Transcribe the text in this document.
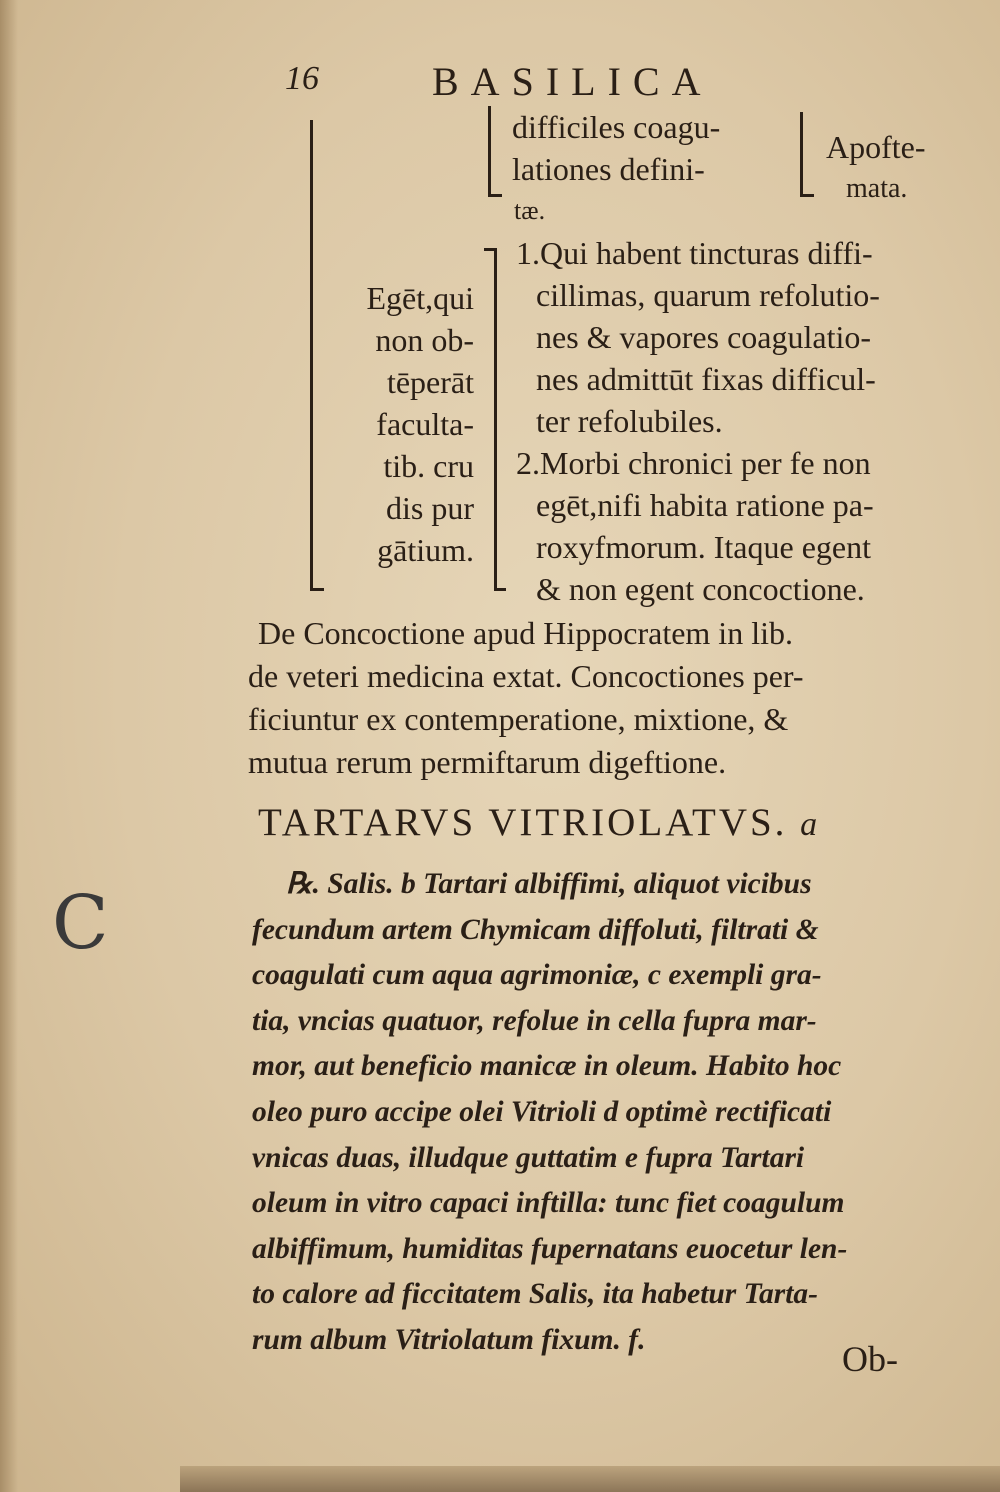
16	BASILICA
difficiles coagu-
lationes defini-
tæ.
Apofte-
mata.
Egēt,qui
non ob-
tēperāt
faculta-
tib. cru
dis pur
gātium.
1.Qui habent tincturas diffi-
cillimas, quarum refolutio-
nes & vapores coagulatio-
nes admittūt fixas difficul-
ter refolubiles.
2.Morbi chronici per fe non
egēt,nifi habita ratione pa-
roxyfmorum. Itaque egent
& non egent concoctione.
De Concoctione apud Hippocratem in lib.
de veteri medicina extat. Concoctiones per-
ficiuntur ex contemperatione, mixtione, &
mutua rerum permiftarum digeftione.
TARTARVS VITRIOLATVS. a
℞. Salis. b Tartari albiffimi, aliquot vicibus
fecundum artem Chymicam diffoluti, filtrati &
coagulati cum aqua agrimoniæ, c exempli gra-
tia, vncias quatuor, refolue in cella fupra mar-
mor, aut beneficio manicæ in oleum. Habito hoc
oleo puro accipe olei Vitrioli d optimè rectificati
vnicas duas, illudque guttatim e fupra Tartari
oleum in vitro capaci inftilla: tunc fiet coagulum
albiffimum, humiditas fupernatans euocetur len-
to calore ad ficcitatem Salis, ita habetur Tarta-
rum album Vitriolatum fixum. f.
C
Ob-
